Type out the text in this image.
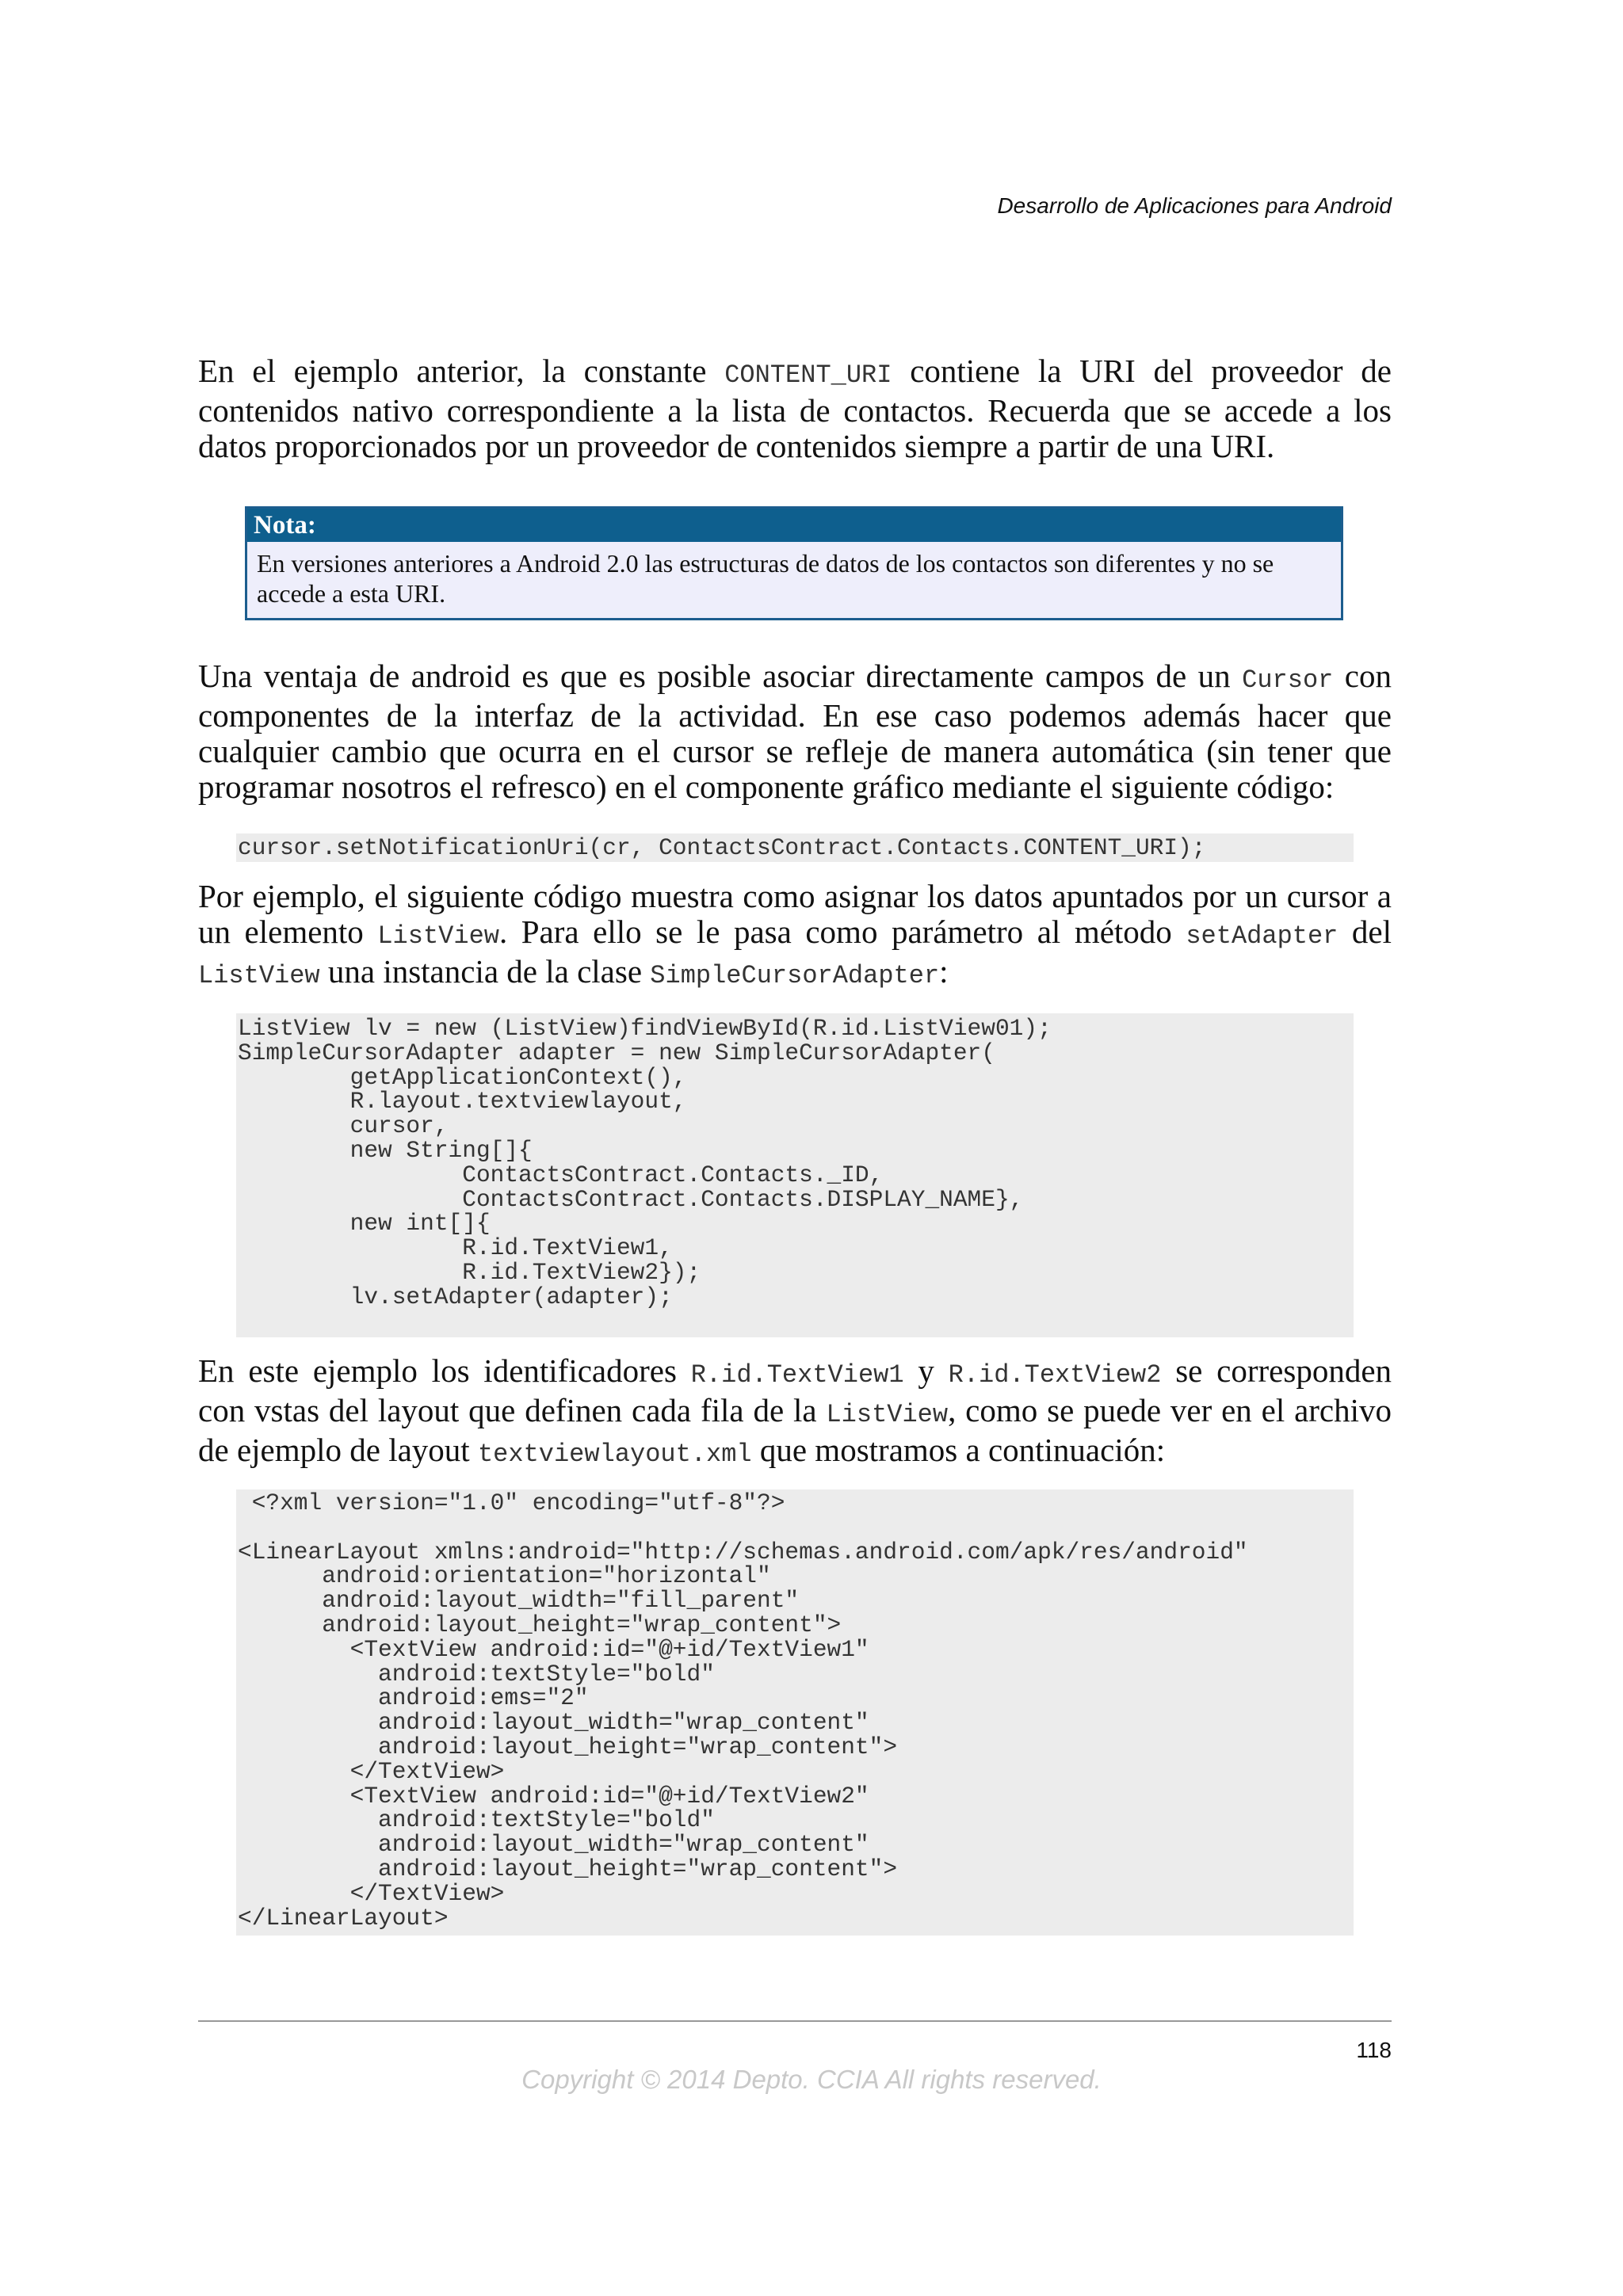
Desarrollo de Aplicaciones para Android

En el ejemplo anterior, la constante CONTENT_URI contiene la URI del proveedor de contenidos nativo correspondiente a la lista de contactos. Recuerda que se accede a los datos proporcionados por un proveedor de contenidos siempre a partir de una URI.

Nota:
En versiones anteriores a Android 2.0 las estructuras de datos de los contactos son diferentes y no se accede a esta URI.

Una ventaja de android es que es posible asociar directamente campos de un Cursor con componentes de la interfaz de la actividad. En ese caso podemos además hacer que cualquier cambio que ocurra en el cursor se refleje de manera automática (sin tener que programar nosotros el refresco) en el componente gráfico mediante el siguiente código:

cursor.setNotificationUri(cr, ContactsContract.Contacts.CONTENT_URI);

Por ejemplo, el siguiente código muestra como asignar los datos apuntados por un cursor a un elemento ListView. Para ello se le pasa como parámetro al método setAdapter del ListView una instancia de la clase SimpleCursorAdapter:

ListView lv = new (ListView)findViewById(R.id.ListView01);
SimpleCursorAdapter adapter = new SimpleCursorAdapter(
getApplicationContext(),
R.layout.textviewlayout,
cursor,
new String[]{
ContactsContract.Contacts._ID,
ContactsContract.Contacts.DISPLAY_NAME},
new int[]{
R.id.TextView1,
R.id.TextView2});
lv.setAdapter(adapter);

En este ejemplo los identificadores R.id.TextView1 y R.id.TextView2 se corresponden con vstas del layout que definen cada fila de la ListView, como se puede ver en el archivo de ejemplo de layout textviewlayout.xml que mostramos a continuación:

<?xml version="1.0" encoding="utf-8"?>

<LinearLayout xmlns:android="http://schemas.android.com/apk/res/android"
android:orientation="horizontal"
android:layout_width="fill_parent"
android:layout_height="wrap_content">
<TextView android:id="@+id/TextView1"
android:textStyle="bold"
android:ems="2"
android:layout_width="wrap_content"
android:layout_height="wrap_content">
</TextView>
<TextView android:id="@+id/TextView2"
android:textStyle="bold"
android:layout_width="wrap_content"
android:layout_height="wrap_content">
</TextView>
</LinearLayout>
118
Copyright © 2014 Depto. CCIA All rights reserved.
